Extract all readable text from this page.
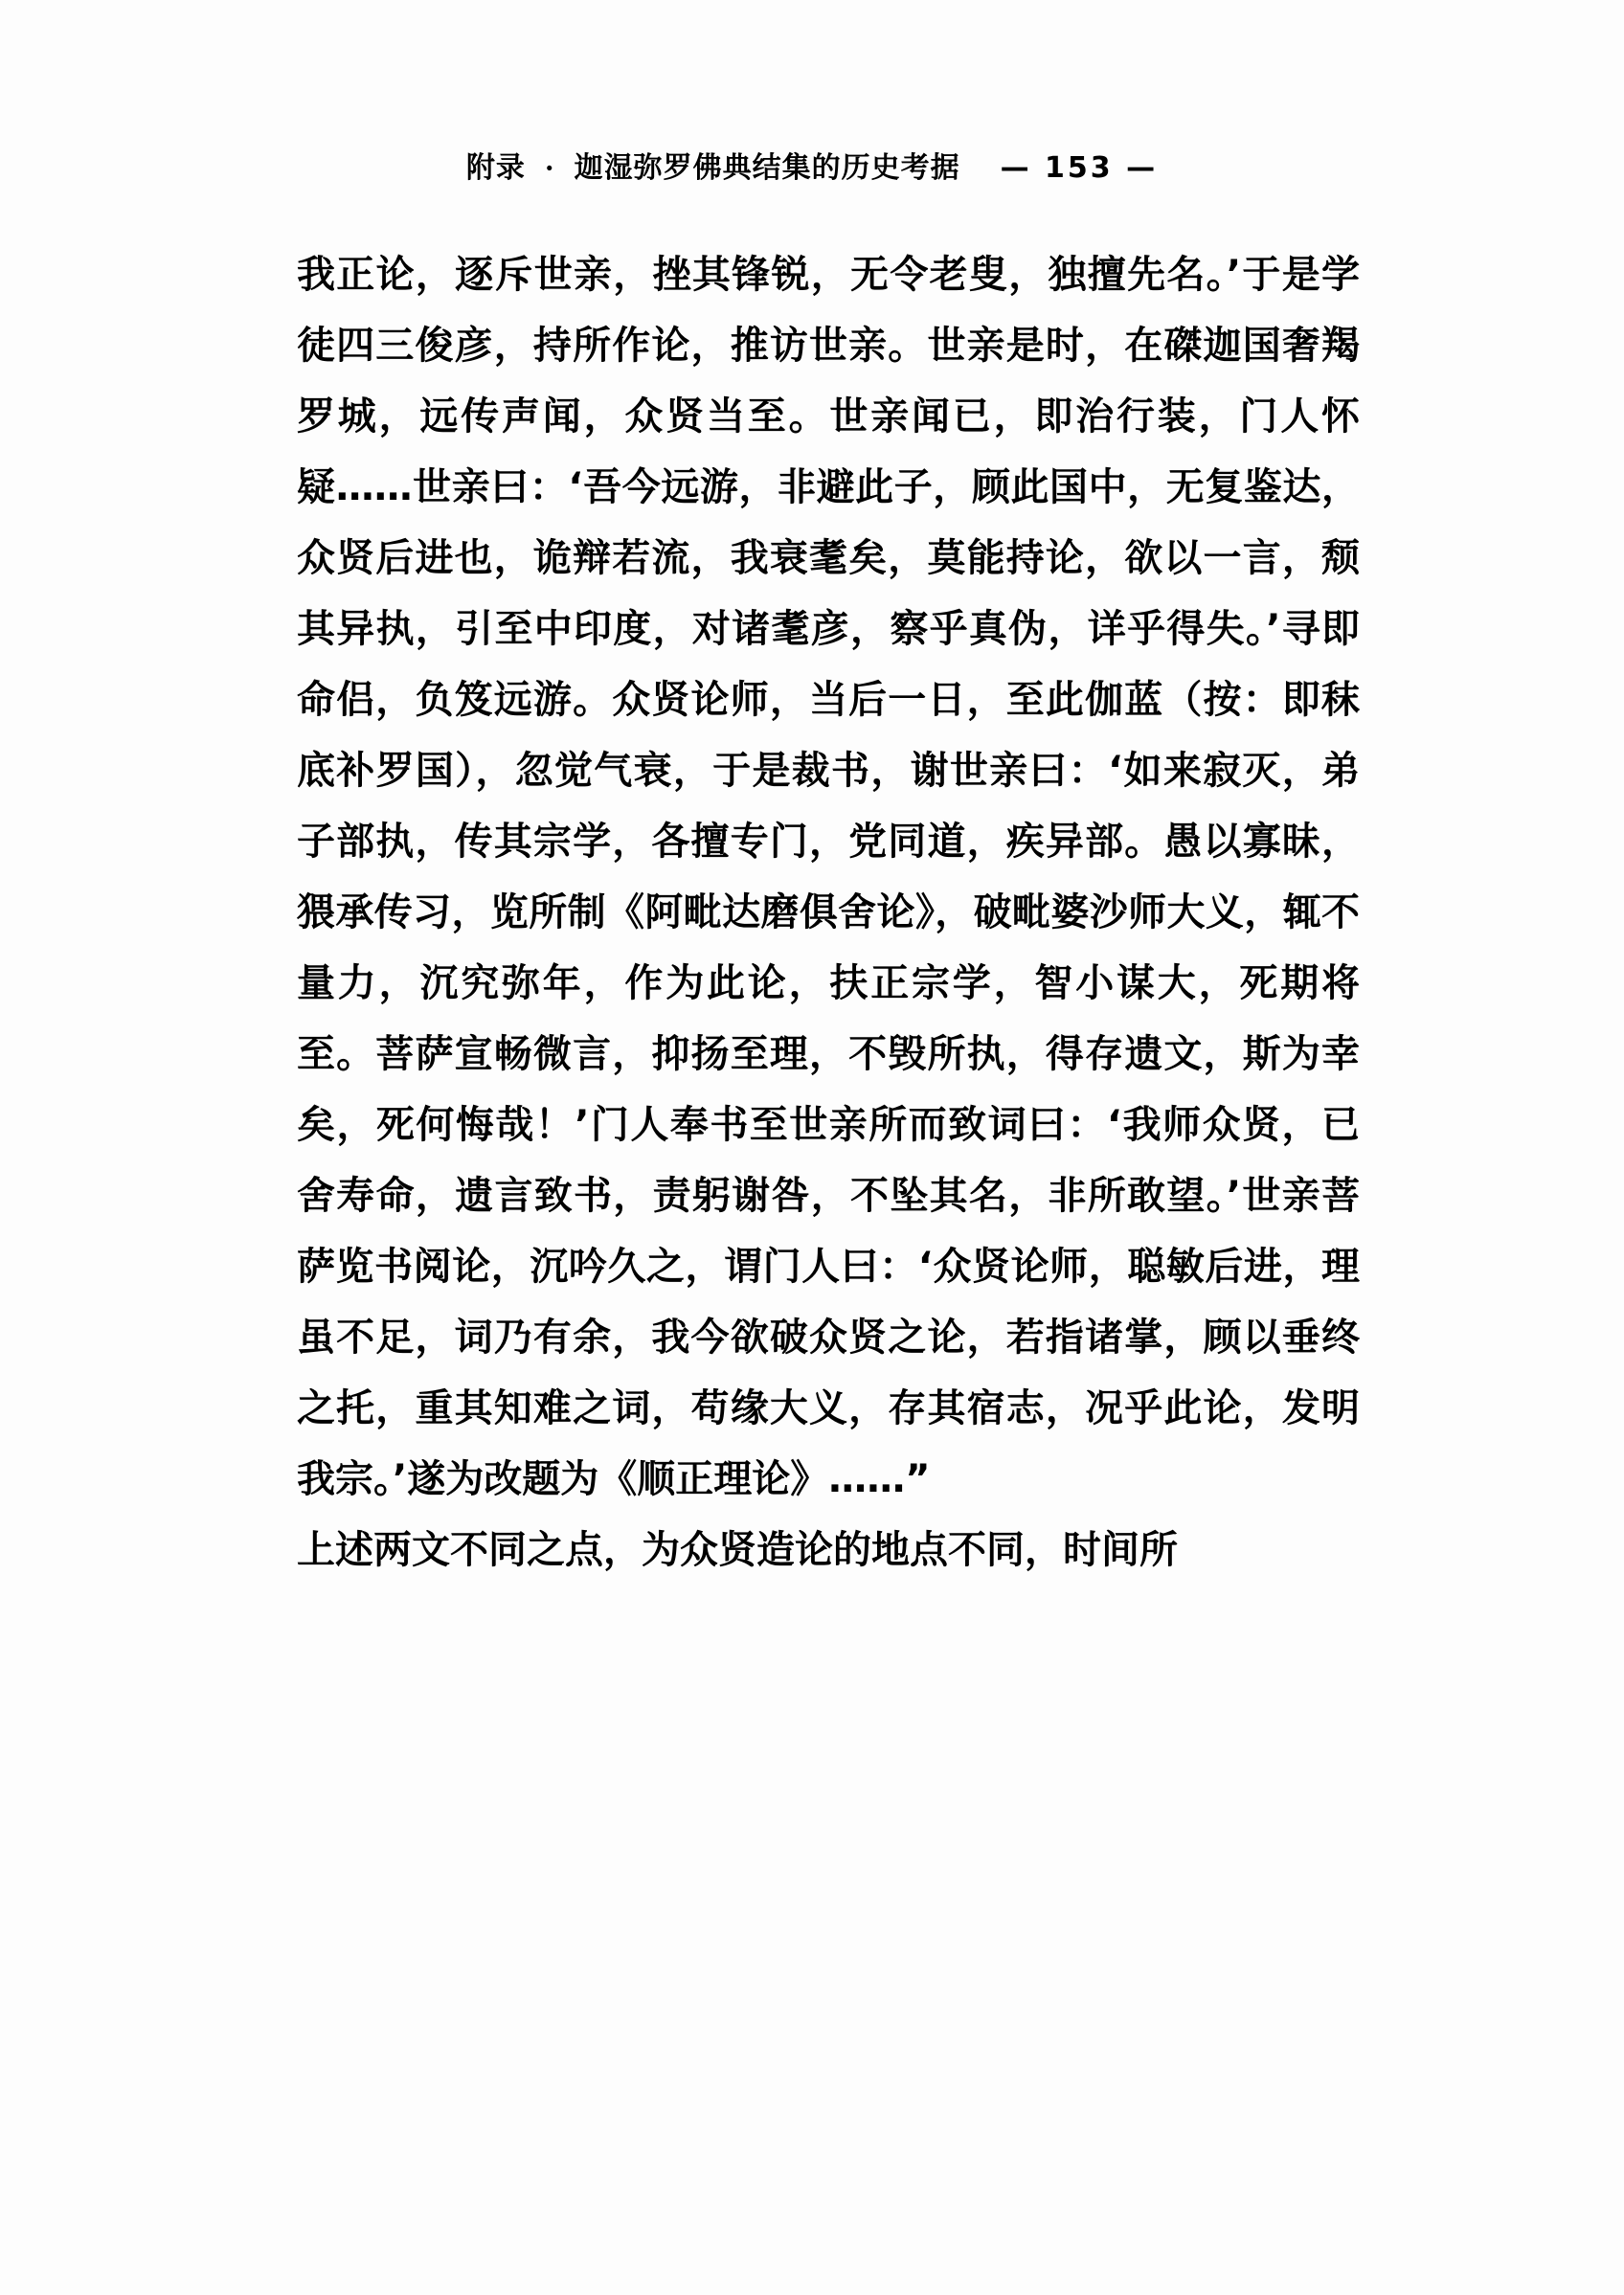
附录 · 迦湿弥罗佛典结集的历史考据 — 153 —

我正论，逐斥世亲，挫其锋锐，无令老叟，独擅先名。’于是学徒四三俊彦，持所作论，推访世亲。世亲是时，在磔迦国奢羯罗城，远传声闻，众贤当至。世亲闻已，即治行装，门人怀疑……世亲曰：‘吾今远游，非避此子，顾此国中，无复鉴达，众贤后进也，诡辩若流，我衰耄矣，莫能持论，欲以一言，颓其异执，引至中印度，对诸耄彦，察乎真伪，详乎得失。’寻即命侣，负笈远游。众贤论师，当后一日，至此伽蓝（按：即秣底补罗国），忽觉气衰，于是裁书，谢世亲曰：‘如来寂灭，弟子部执，传其宗学，各擅专门，党同道，疾异部。愚以寡昧，猥承传习，览所制《阿毗达磨俱舍论》，破毗婆沙师大义，辄不量力，沉究弥年，作为此论，扶正宗学，智小谋大，死期将至。菩萨宣畅微言，抑扬至理，不毁所执，得存遗文，斯为幸矣，死何悔哉！’门人奉书至世亲所而致词曰：‘我师众贤，已舍寿命，遗言致书，责躬谢咎，不坠其名，非所敢望。’世亲菩萨览书阅论，沉吟久之，谓门人曰：‘众贤论师，聪敏后进，理虽不足，词乃有余，我今欲破众贤之论，若指诸掌，顾以垂终之托，重其知难之词，苟缘大义，存其宿志，况乎此论，发明我宗。’遂为改题为《顺正理论》……”

上述两文不同之点，为众贤造论的地点不同，时间所
